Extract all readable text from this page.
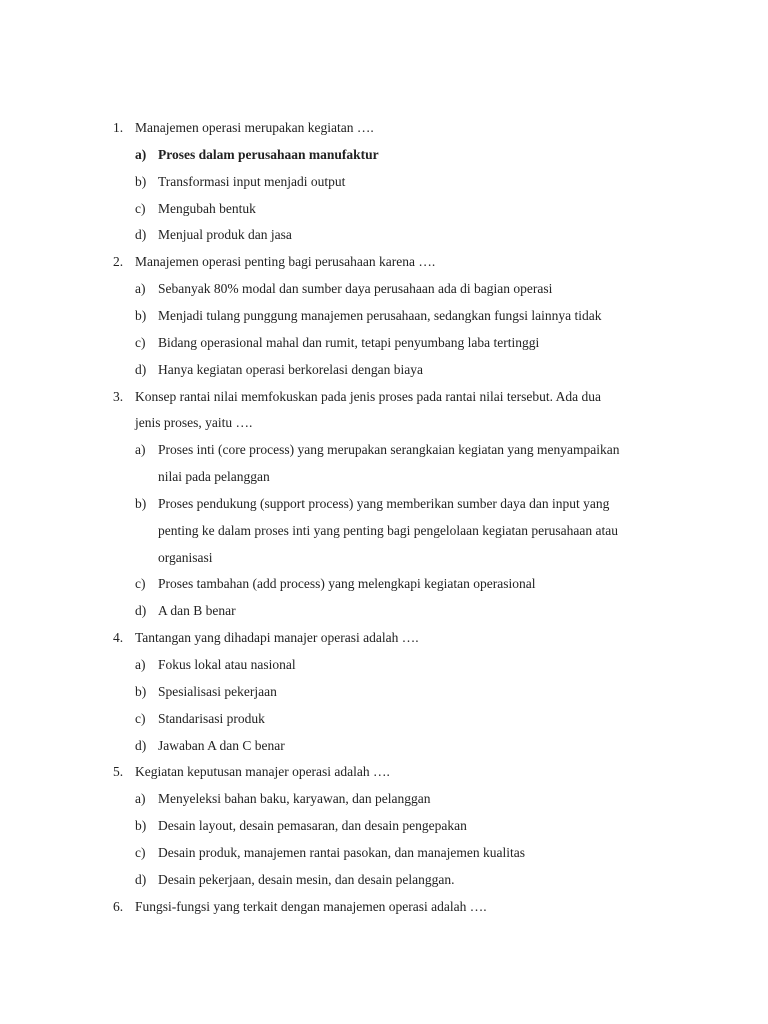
1. Manajemen operasi merupakan kegiatan ….
a) Proses dalam perusahaan manufaktur
b) Transformasi input menjadi output
c) Mengubah bentuk
d) Menjual produk dan jasa
2. Manajemen operasi penting bagi perusahaan karena ….
a) Sebanyak 80% modal dan sumber daya perusahaan ada di bagian operasi
b) Menjadi tulang punggung manajemen perusahaan, sedangkan fungsi lainnya tidak
c) Bidang operasional mahal dan rumit, tetapi penyumbang laba tertinggi
d) Hanya kegiatan operasi berkorelasi dengan biaya
3. Konsep rantai nilai memfokuskan pada jenis proses pada rantai nilai tersebut. Ada dua
jenis proses, yaitu ….
a) Proses inti (core process) yang merupakan serangkaian kegiatan yang menyampaikan
nilai pada pelanggan
b) Proses pendukung (support process) yang memberikan sumber daya dan input yang
penting ke dalam proses inti yang penting bagi pengelolaan kegiatan perusahaan atau
organisasi
c) Proses tambahan (add process) yang melengkapi kegiatan operasional
d) A dan B benar
4. Tantangan yang dihadapi manajer operasi adalah ….
a) Fokus lokal atau nasional
b) Spesialisasi pekerjaan
c) Standarisasi produk
d) Jawaban A dan C benar
5. Kegiatan keputusan manajer operasi adalah ….
a) Menyeleksi bahan baku, karyawan, dan pelanggan
b) Desain layout, desain pemasaran, dan desain pengepakan
c) Desain produk, manajemen rantai pasokan, dan manajemen kualitas
d) Desain pekerjaan, desain mesin, dan desain pelanggan.
6. Fungsi-fungsi yang terkait dengan manajemen operasi adalah ….
